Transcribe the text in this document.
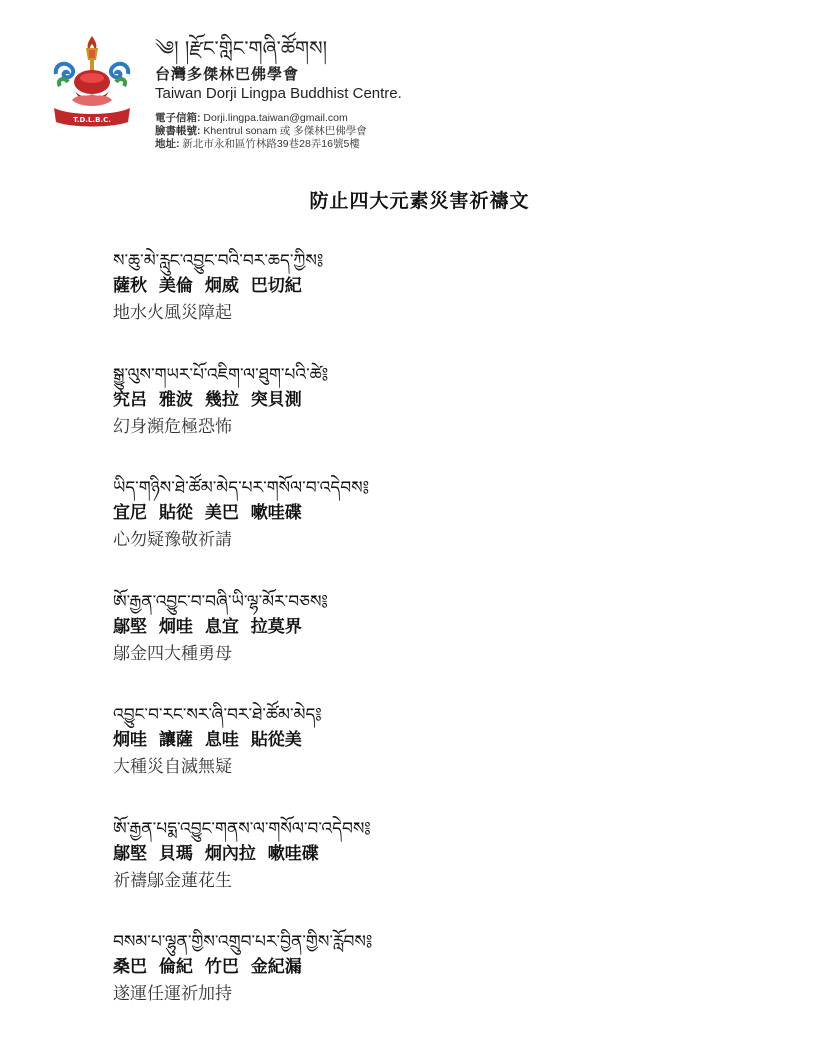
T.D.L.B.C.
༄། །རྫོང་གླིང་གཞི་ཚོགས།
台灣多傑林巴佛學會
Taiwan Dorji Lingpa Buddhist Centre.
電子信箱: Dorji.lingpa.taiwan@gmail.com
臉書帳號: Khentrul sonam 或 多傑林巴佛學會
地址: 新北市永和區竹林路39巷28弄16號5樓
防止四大元素災害祈禱文
ས་ཆུ་མེ་རླུང་འབྱུང་བའི་བར་ཆད་ཀྱིས༔
薩秋 美倫 炯威 巴切紀
地水火風災障起
སྒྱུ་ལུས་གཡར་པོ་འཇིག་ལ་ཐུག་པའི་ཚེ༔
究呂 雅波 幾拉 突貝測
幻身瀕危極恐怖
ཡིད་གཉིས་ཐེ་ཚོམ་མེད་པར་གསོལ་བ་འདེབས༔
宜尼 貼從 美巴 嗽哇碟
心勿疑豫敬祈請
ཨོ་རྒྱན་འབྱུང་བ་བཞི་ཡི་ལྷ་མོར་བཅས༔
鄔堅 炯哇 息宜 拉莫界
鄔金四大種勇母
འབྱུང་བ་རང་སར་ཞི་བར་ཐེ་ཚོམ་མེད༔
炯哇 讓薩 息哇 貼從美
大種災自滅無疑
ཨོ་རྒྱན་པདྨ་འབྱུང་གནས་ལ་གསོལ་བ་འདེབས༔
鄔堅 貝瑪 炯內拉 嗽哇碟
祈禱鄔金蓮花生
བསམ་པ་ལྷུན་གྱིས་འགྲུབ་པར་བྱིན་གྱིས་རློབས༔
桑巴 倫紀 竹巴 金紀漏
遂運任運祈加持
